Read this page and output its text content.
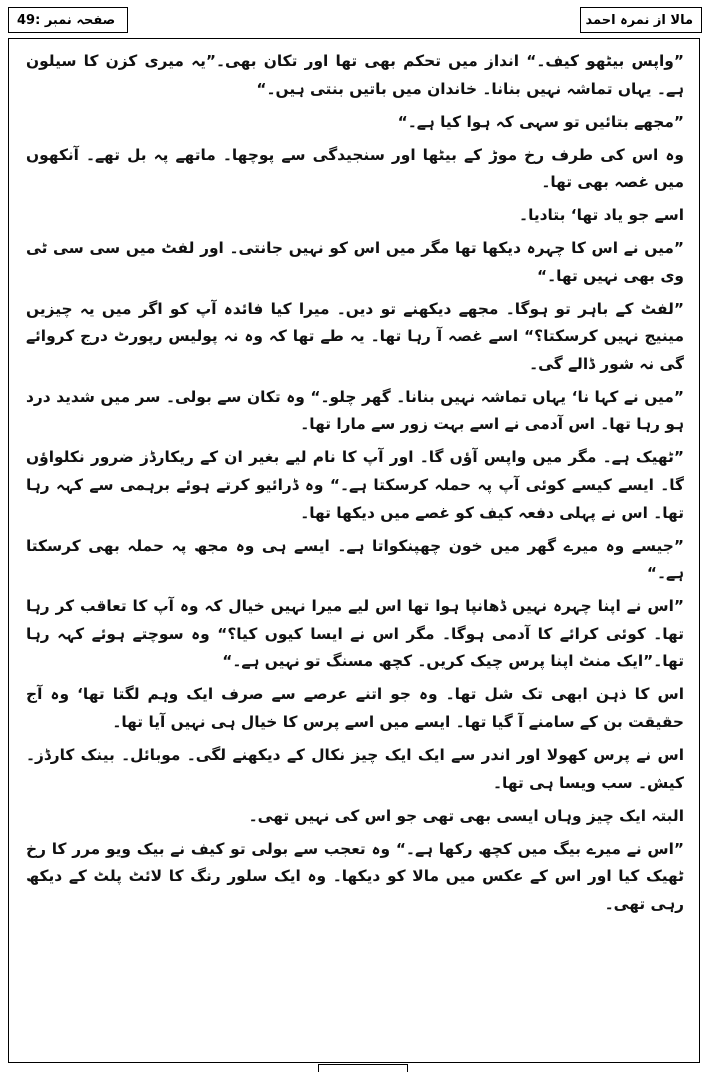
صفحہ نمبر :49	مالا از نمرہ احمد

”واپس بیٹھو کیف۔“ انداز میں تحکم بھی تھا اور تکان بھی۔”یہ میری کزن کا سیلون ہے۔ یہاں تماشہ نہیں بنانا۔ خاندان میں باتیں بنتی ہیں۔“

”مجھے بتائیں تو سہی کہ ہوا کیا ہے۔“

وہ اس کی طرف رخ موڑ کے بیٹھا اور سنجیدگی سے پوچھا۔ ماتھے پہ بل تھے۔ آنکھوں میں غصہ بھی تھا۔

اسے جو یاد تھا‘ بتادیا۔

”میں نے اس کا چہرہ دیکھا تھا مگر میں اس کو نہیں جانتی۔ اور لفٹ میں سی سی ٹی وی بھی نہیں تھا۔“

”لفٹ کے باہر تو ہوگا۔ مجھے دیکھنے تو دیں۔ میرا کیا فائدہ آپ کو اگر میں یہ چیزیں مینیج نہیں کرسکتا؟“ اسے غصہ آ رہا تھا۔ یہ طے تھا کہ وہ نہ پولیس رپورٹ درج کروائے گی نہ شور ڈالے گی۔

”میں نے کہا نا‘ یہاں تماشہ نہیں بنانا۔ گھر چلو۔“ وہ تکان سے بولی۔ سر میں شدید درد ہو رہا تھا۔ اس آدمی نے اسے بہت زور سے مارا تھا۔

”ٹھیک ہے۔ مگر میں واپس آؤں گا۔ اور آپ کا نام لیے بغیر ان کے ریکارڈز ضرور نکلواؤں گا۔ ایسے کیسے کوئی آپ پہ حملہ کرسکتا ہے۔“ وہ ڈرائیو کرتے ہوئے برہمی سے کہہ رہا تھا۔ اس نے پہلی دفعہ کیف کو غصے میں دیکھا تھا۔

”جیسے وہ میرے گھر میں خون چھپنکواتا ہے۔ ایسے ہی وہ مجھ پہ حملہ بھی کرسکتا ہے۔“

”اس نے اپنا چہرہ نہیں ڈھانپا ہوا تھا اس لیے میرا نہیں خیال کہ وہ آپ کا تعاقب کر رہا تھا۔ کوئی کرائے کا آدمی ہوگا۔ مگر اس نے ایسا کیوں کیا؟“ وہ سوچتے ہوئے کہہ رہا تھا۔”ایک منٹ اپنا پرس چیک کریں۔ کچھ مسنگ تو نہیں ہے۔“

اس کا ذہن ابھی تک شل تھا۔ وہ جو اتنے عرصے سے صرف ایک وہم لگتا تھا‘ وہ آج حقیقت بن کے سامنے آ گیا تھا۔ ایسے میں اسے پرس کا خیال ہی نہیں آیا تھا۔

اس نے پرس کھولا اور اندر سے ایک ایک چیز نکال کے دیکھنے لگی۔ موبائل۔ بینک کارڈز۔ کیش۔ سب ویسا ہی تھا۔

البتہ ایک چیز وہاں ایسی بھی تھی جو اس کی نہیں تھی۔

”اس نے میرے بیگ میں کچھ رکھا ہے۔“ وہ تعجب سے بولی تو کیف نے بیک ویو مرر کا رخ ٹھیک کیا اور اس کے عکس میں مالا کو دیکھا۔ وہ ایک سلور رنگ کا لائٹ پلٹ کے دیکھ رہی تھی۔
